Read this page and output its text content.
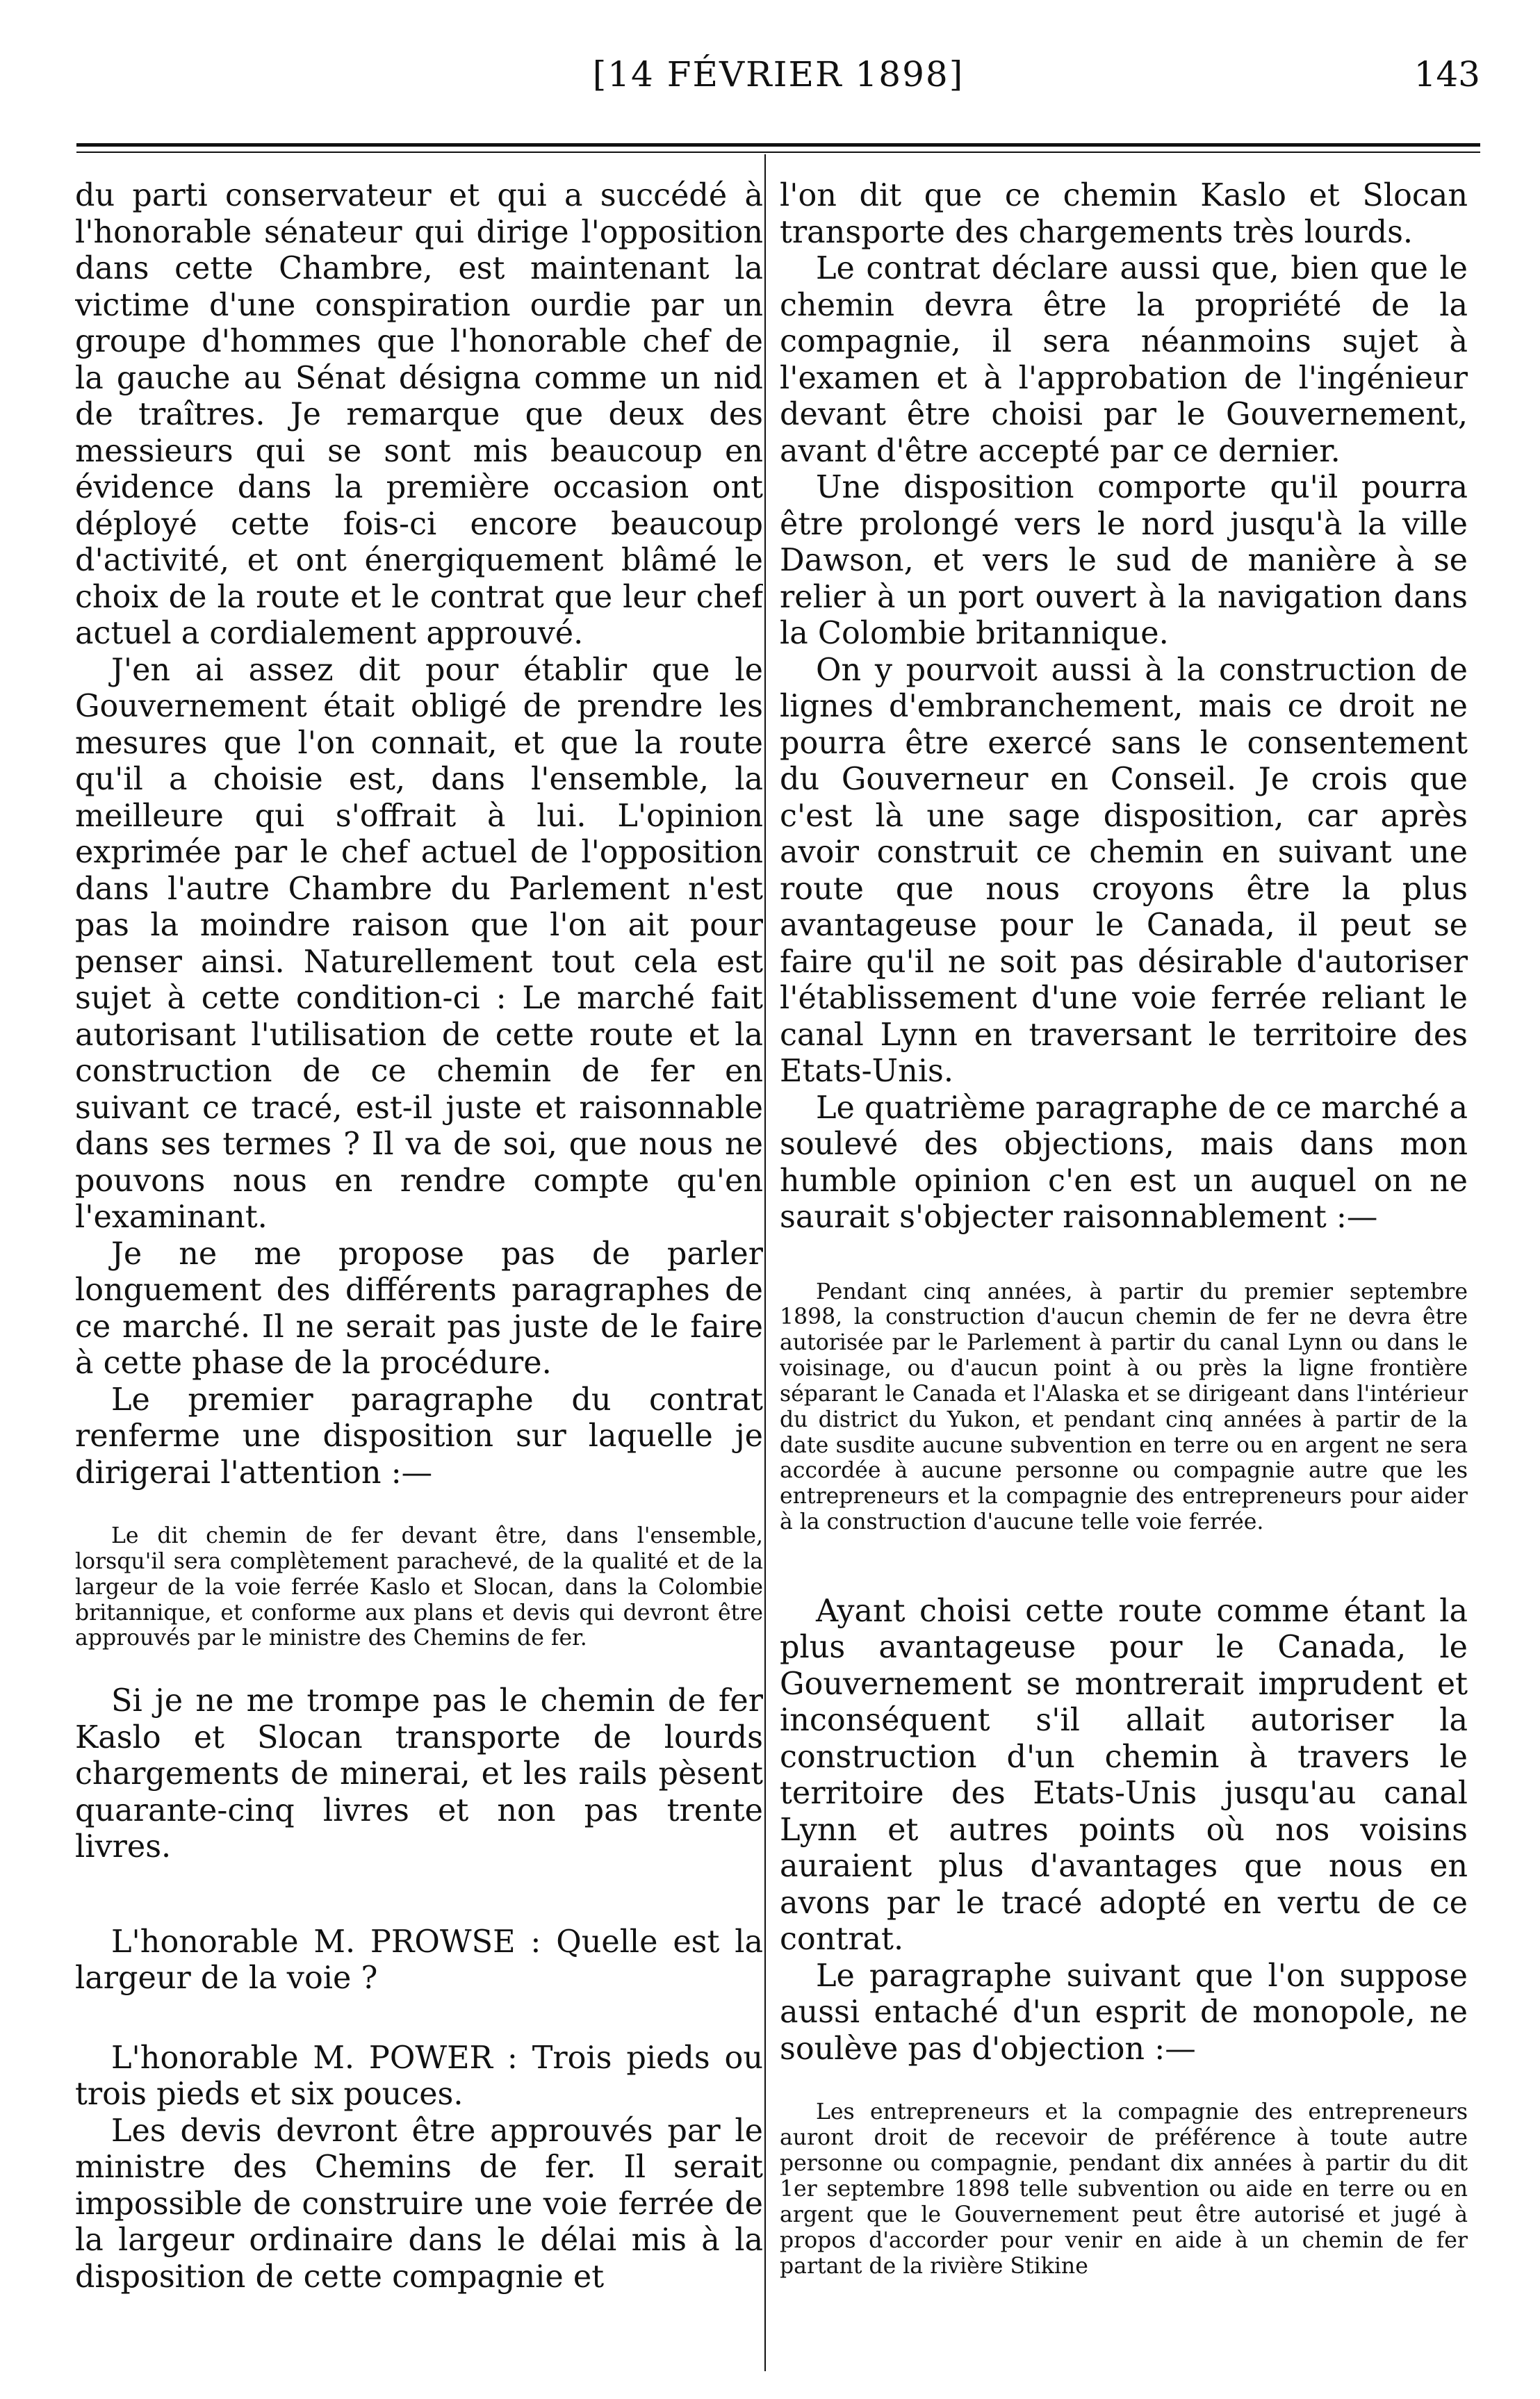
[14 FÉVRIER 1898]	143

du parti conservateur et qui a succédé à l'honorable sénateur qui dirige l'opposition dans cette Chambre, est maintenant la victime d'une conspiration ourdie par un groupe d'hommes que l'honorable chef de la gauche au Sénat désigna comme un nid de traîtres. Je remarque que deux des messieurs qui se sont mis beaucoup en évidence dans la première occasion ont déployé cette fois-ci encore beaucoup d'activité, et ont énergiquement blâmé le choix de la route et le contrat que leur chef actuel a cordialement approuvé.

J'en ai assez dit pour établir que le Gouvernement était obligé de prendre les mesures que l'on connait, et que la route qu'il a choisie est, dans l'ensemble, la meilleure qui s'offrait à lui. L'opinion exprimée par le chef actuel de l'opposition dans l'autre Chambre du Parlement n'est pas la moindre raison que l'on ait pour penser ainsi. Naturellement tout cela est sujet à cette condition-ci : Le marché fait autorisant l'utilisation de cette route et la construction de ce chemin de fer en suivant ce tracé, est-il juste et raisonnable dans ses termes ? Il va de soi, que nous ne pouvons nous en rendre compte qu'en l'examinant.

Je ne me propose pas de parler longuement des différents paragraphes de ce marché. Il ne serait pas juste de le faire à cette phase de la procédure.

Le premier paragraphe du contrat renferme une disposition sur laquelle je dirigerai l'attention :—

Le dit chemin de fer devant être, dans l'ensemble, lorsqu'il sera complètement parachevé, de la qualité et de la largeur de la voie ferrée Kaslo et Slocan, dans la Colombie britannique, et conforme aux plans et devis qui devront être approuvés par le ministre des Chemins de fer.

Si je ne me trompe pas le chemin de fer Kaslo et Slocan transporte de lourds chargements de minerai, et les rails pèsent quarante-cinq livres et non pas trente livres.

L'honorable M. PROWSE : Quelle est la largeur de la voie ?

L'honorable M. POWER : Trois pieds ou trois pieds et six pouces.

Les devis devront être approuvés par le ministre des Chemins de fer. Il serait impossible de construire une voie ferrée de la largeur ordinaire dans le délai mis à la disposition de cette compagnie et

l'on dit que ce chemin Kaslo et Slocan transporte des chargements très lourds.

Le contrat déclare aussi que, bien que le chemin devra être la propriété de la compagnie, il sera néanmoins sujet à l'examen et à l'approbation de l'ingénieur devant être choisi par le Gouvernement, avant d'être accepté par ce dernier.

Une disposition comporte qu'il pourra être prolongé vers le nord jusqu'à la ville Dawson, et vers le sud de manière à se relier à un port ouvert à la navigation dans la Colombie britannique.

On y pourvoit aussi à la construction de lignes d'embranchement, mais ce droit ne pourra être exercé sans le consentement du Gouverneur en Conseil. Je crois que c'est là une sage disposition, car après avoir construit ce chemin en suivant une route que nous croyons être la plus avantageuse pour le Canada, il peut se faire qu'il ne soit pas désirable d'autoriser l'établissement d'une voie ferrée reliant le canal Lynn en traversant le territoire des Etats-Unis.

Le quatrième paragraphe de ce marché a soulevé des objections, mais dans mon humble opinion c'en est un auquel on ne saurait s'objecter raisonnablement :—

Pendant cinq années, à partir du premier septembre 1898, la construction d'aucun chemin de fer ne devra être autorisée par le Parlement à partir du canal Lynn ou dans le voisinage, ou d'aucun point à ou près la ligne frontière séparant le Canada et l'Alaska et se dirigeant dans l'intérieur du district du Yukon, et pendant cinq années à partir de la date susdite aucune subvention en terre ou en argent ne sera accordée à aucune personne ou compagnie autre que les entrepreneurs et la compagnie des entrepreneurs pour aider à la construction d'aucune telle voie ferrée.

Ayant choisi cette route comme étant la plus avantageuse pour le Canada, le Gouvernement se montrerait imprudent et inconséquent s'il allait autoriser la construction d'un chemin à travers le territoire des Etats-Unis jusqu'au canal Lynn et autres points où nos voisins auraient plus d'avantages que nous en avons par le tracé adopté en vertu de ce contrat.

Le paragraphe suivant que l'on suppose aussi entaché d'un esprit de monopole, ne soulève pas d'objection :—

Les entrepreneurs et la compagnie des entrepreneurs auront droit de recevoir de préférence à toute autre personne ou compagnie, pendant dix années à partir du dit 1er septembre 1898 telle subvention ou aide en terre ou en argent que le Gouvernement peut être autorisé et jugé à propos d'accorder pour venir en aide à un chemin de fer partant de la rivière Stikine
